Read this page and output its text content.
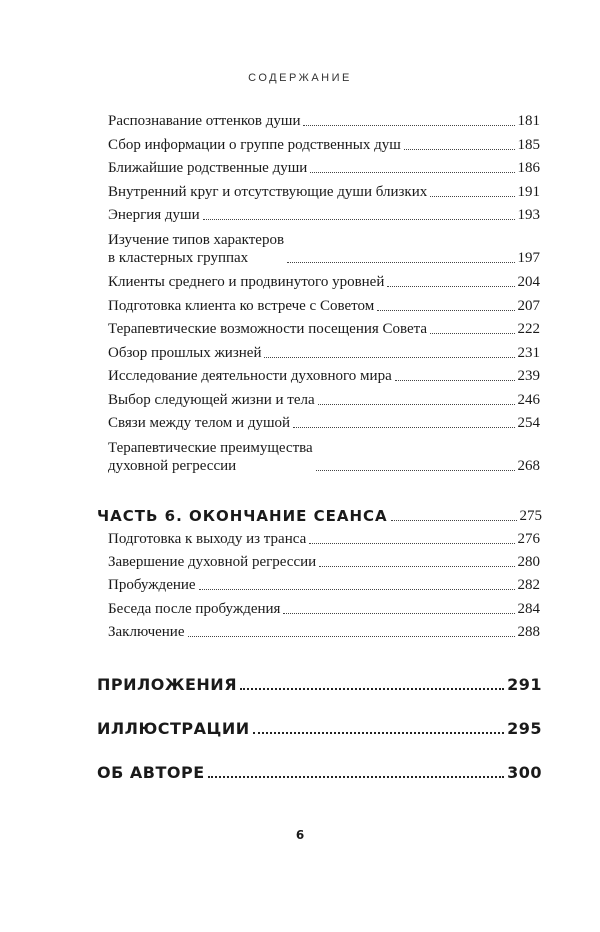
СОДЕРЖАНИЕ
Распознавание оттенков души	181
Сбор информации о группе родственных душ	185
Ближайшие родственные души	186
Внутренний круг и отсутствующие души близких	191
Энергия души	193
Изучение типов характеров
в кластерных группах	197
Клиенты среднего и продвинутого уровней	204
Подготовка клиента ко встрече с Советом	207
Терапевтические возможности посещения Совета	222
Обзор прошлых жизней	231
Исследование деятельности духовного мира	239
Выбор следующей жизни и тела	246
Связи между телом и душой	254
Терапевтические преимущества
духовной регрессии	268
ЧАСТЬ 6. ОКОНЧАНИЕ СЕАНСА	275
Подготовка к выходу из транса	276
Завершение духовной регрессии	280
Пробуждение	282
Беседа после пробуждения	284
Заключение	288
ПРИЛОЖЕНИЯ	291
ИЛЛЮСТРАЦИИ	295
ОБ АВТОРЕ	300
6
